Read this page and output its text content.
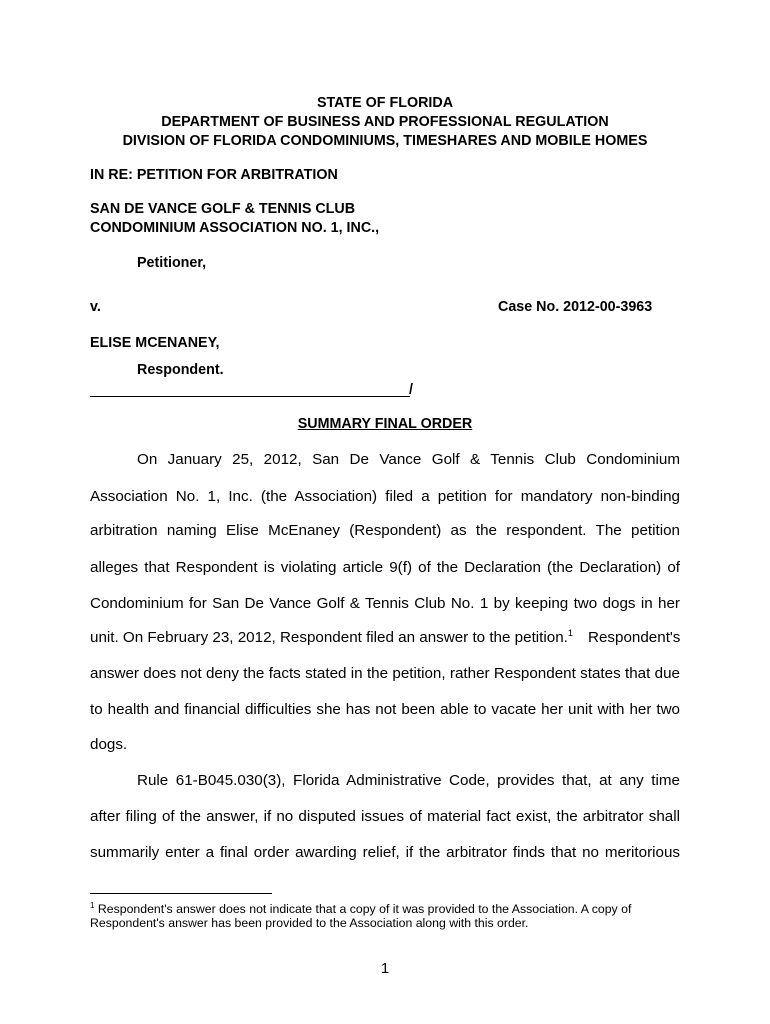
STATE OF FLORIDA
DEPARTMENT OF BUSINESS AND PROFESSIONAL REGULATION
DIVISION OF FLORIDA CONDOMINIUMS, TIMESHARES AND MOBILE HOMES
IN RE: PETITION FOR ARBITRATION
SAN DE VANCE GOLF & TENNIS CLUB
CONDOMINIUM ASSOCIATION NO. 1, INC.,
Petitioner,
v.	Case No. 2012-00-3963
ELISE MCENANEY,
Respondent.
/
SUMMARY FINAL ORDER
On January 25, 2012, San De Vance Golf & Tennis Club Condominium
Association No. 1, Inc. (the Association) filed a petition for mandatory non-binding
arbitration naming Elise McEnaney (Respondent) as the respondent. The petition
alleges that Respondent is violating article 9(f) of the Declaration (the Declaration) of
Condominium for San De Vance Golf & Tennis Club No. 1 by keeping two dogs in her
unit. On February 23, 2012, Respondent filed an answer to the petition.$^1$ Respondent's
answer does not deny the facts stated in the petition, rather Respondent states that due
to health and financial difficulties she has not been able to vacate her unit with her two
dogs.
Rule 61-B045.030(3), Florida Administrative Code, provides that, at any time
after filing of the answer, if no disputed issues of material fact exist, the arbitrator shall
summarily enter a final order awarding relief, if the arbitrator finds that no meritorious
$^1$ Respondent's answer does not indicate that a copy of it was provided to the Association. A copy of
Respondent's answer has been provided to the Association along with this order.
1
